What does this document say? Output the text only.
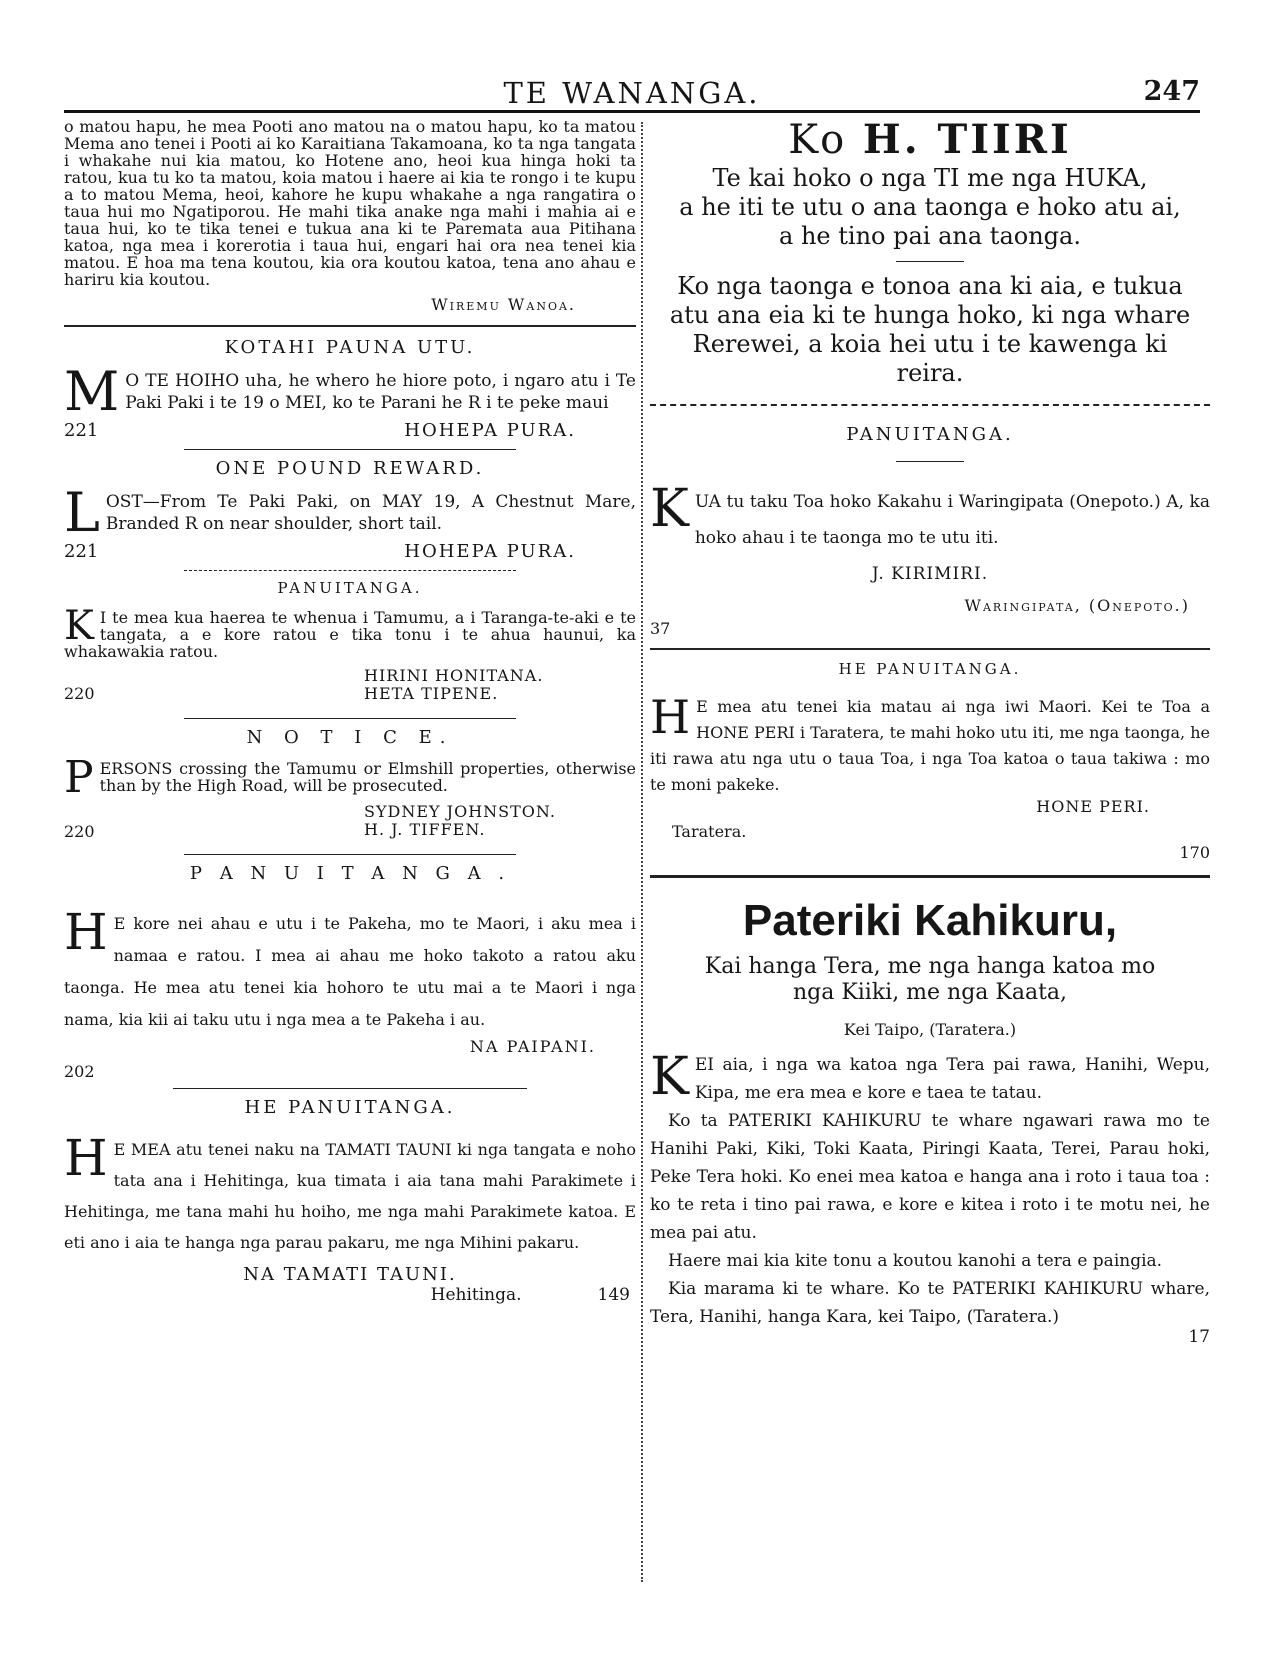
TE WANANGA.	247

o matou hapu, he mea Pooti ano matou na o matou hapu, ko ta matou Mema ano tenei i Pooti ai ko Karaitiana Takamoana, ko ta nga tangata i whakahe nui kia matou, ko Hotene ano, heoi kua hinga hoki ta ratou, kua tu ko ta matou, koia matou i haere ai kia te rongo i te kupu a to matou Mema, heoi, kahore he kupu whakahe a nga rangatira o taua hui mo Ngatiporou. He mahi tika anake nga mahi i mahia ai e taua hui, ko te tika tenei e tukua ana ki te Paremata aua Pitihana katoa, nga mea i korerotia i taua hui, engari hai ora nea tenei kia matou. E hoa ma tena koutou, kia ora koutou katoa, tena ano ahau e hariru kia koutou.

Wiremu Wanoa.

KOTAHI PAUNA UTU.

M O TE HOIHO uha, he whero he hiore poto, i ngaro atu i Te Paki Paki i te 19 o MEI, ko te Parani he R i te peke maui

221	HOHEPA PURA.
ONE POUND REWARD.

LOST—From Te Paki Paki, on MAY 19, A Chestnut Mare, Branded R on near shoulder, short tail.

221	HOHEPA PURA.
PANUITANGA.

K I te mea kua haerea te whenua i Tamumu, a i Taranga-te-aki e te tangata, a e kore ratou e tika tonu i te ahua haunui, ka whakawakia ratou.

220
HIRINI HONITANA.
HETA TIPENE.
N O T I C E.

PERSONS crossing the Tamumu or Elmshill properties, otherwise than by the High Road, will be prosecuted.

220
SYDNEY JOHNSTON.
H. J. TIFFEN.
P A N U I T A N G A .

H E kore nei ahau e utu i te Pakeha, mo te Maori, i aku mea i namaa e ratou. I mea ai ahau me hoko takoto a ratou aku taonga. He mea atu tenei kia hohoro te utu mai a te Maori i nga nama, kia kii ai taku utu i nga mea a te Pakeha i au.

NA PAIPANI.

202

HE PANUITANGA.

H E MEA atu tenei naku na TAMATI TAUNI ki nga tangata e noho tata ana i Hehitinga, kua timata i aia tana mahi Parakimete i Hehitinga, me tana mahi hu hoiho, me nga mahi Parakimete katoa. E eti ano i aia te hanga nga parau pakaru, me nga Mihini pakaru.

NA TAMATI TAUNI.

Hehitinga.	149
Ko H. TIIRI

Te kai hoko o nga TI me nga HUKA,

a he iti te utu o ana taonga e hoko atu ai,

a he tino pai ana taonga.

Ko nga taonga e tonoa ana ki aia, e tukua atu ana eia ki te hunga hoko, ki nga whare Rerewei, a koia hei utu i te kawenga ki reira.

PANUITANGA.

KUA tu taku Toa hoko Kakahu i Waringipata (Onepoto.) A, ka hoko ahau i te taonga mo te utu iti.

J. KIRIMIRI.

Waringipata, (Onepoto.)

37

HE PANUITANGA.

H E mea atu tenei kia matau ai nga iwi Maori. Kei te Toa a HONE PERI i Taratera, te mahi hoko utu iti, me nga taonga, he iti rawa atu nga utu o taua Toa, i nga Toa katoa o taua takiwa : mo te moni pakeke.

HONE PERI.

Taratera.

170

Pateriki Kahikuru,

Kai hanga Tera, me nga hanga katoa mo

nga Kiiki, me nga Kaata,

Kei Taipo, (Taratera.)

KEI aia, i nga wa katoa nga Tera pai rawa, Hanihi, Wepu, Kipa, me era mea e kore e taea te tatau.

Ko ta PATERIKI KAHIKURU te whare ngawari rawa mo te Hanihi Paki, Kiki, Toki Kaata, Piringi Kaata, Terei, Parau hoki, Peke Tera hoki. Ko enei mea katoa e hanga ana i roto i taua toa : ko te reta i tino pai rawa, e kore e kitea i roto i te motu nei, he mea pai atu.

Haere mai kia kite tonu a koutou kanohi a tera e paingia.

Kia marama ki te whare. Ko te PATERIKI KAHIKURU whare, Tera, Hanihi, hanga Kara, kei Taipo, (Taratera.)

17
